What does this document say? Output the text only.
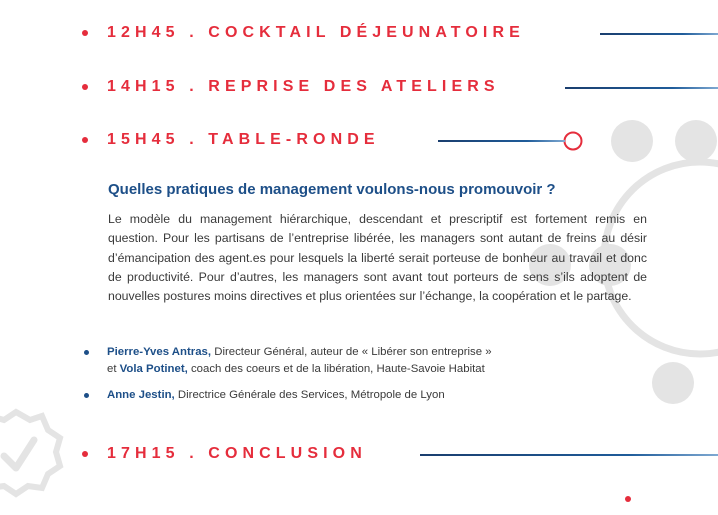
12H45 . COCKTAIL DÉJEUNATOIRE
14H15 . REPRISE DES ATELIERS
15H45 . TABLE-RONDE
Quelles pratiques de management voulons-nous promouvoir ?
Le modèle du management hiérarchique, descendant et prescriptif est fortement remis en question. Pour les partisans de l’entreprise libérée, les managers sont autant de freins au désir d’émancipation des agent.es pour lesquels la liberté serait porteuse de bonheur au travail et donc de productivité. Pour d’autres, les managers sont avant tout porteurs de sens s’ils adoptent de nouvelles postures moins directives et plus orientées sur l’échange, la coopération et le partage.
Pierre-Yves Antras, Directeur Général, auteur de « Libérer son entreprise »
et Vola Potinet, coach des coeurs et de la libération, Haute-Savoie Habitat
Anne Jestin, Directrice Générale des Services, Métropole de Lyon
17H15 . CONCLUSION
